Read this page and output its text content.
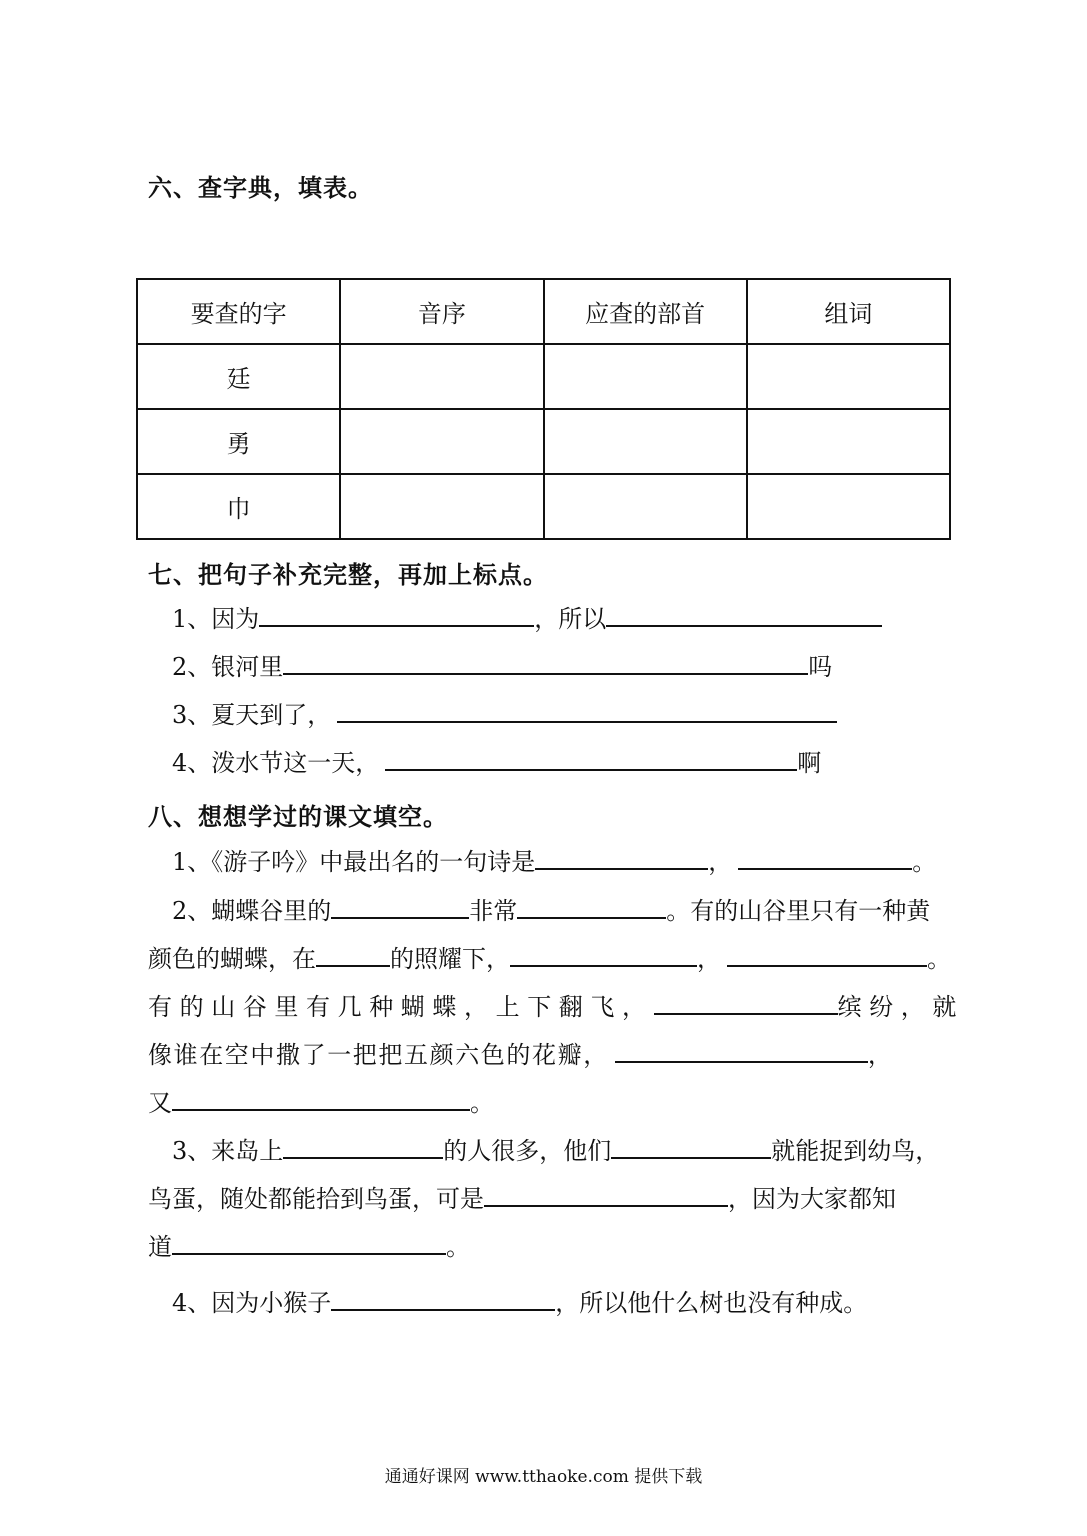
六、查字典，填表。
要查的字	音序	应查的部首	组词
廷			
勇			
巾			
七、把句子补充完整，再加上标点。
1、因为	，所以
2、银河里	吗
3、夏天到了，
4、泼水节这一天，	啊
八、想想学过的课文填空。
1、《游子吟》中最出名的一句诗是	，	。
2、蝴蝶谷里的	非常	。有的山谷里只有一种黄
颜色的蝴蝶，在	的照耀下，	，	。
有的山谷里有几种蝴蝶，上下翻飞，	缤纷，就
像谁在空中撒了一把把五颜六色的花瓣，	，
又	。
3、来岛上	的人很多，他们	就能捉到幼鸟，
鸟蛋，随处都能拾到鸟蛋，可是	，因为大家都知
道	。
4、因为小猴子	，所以他什么树也没有种成。
通通好课网 www.tthaoke.com 提供下载
